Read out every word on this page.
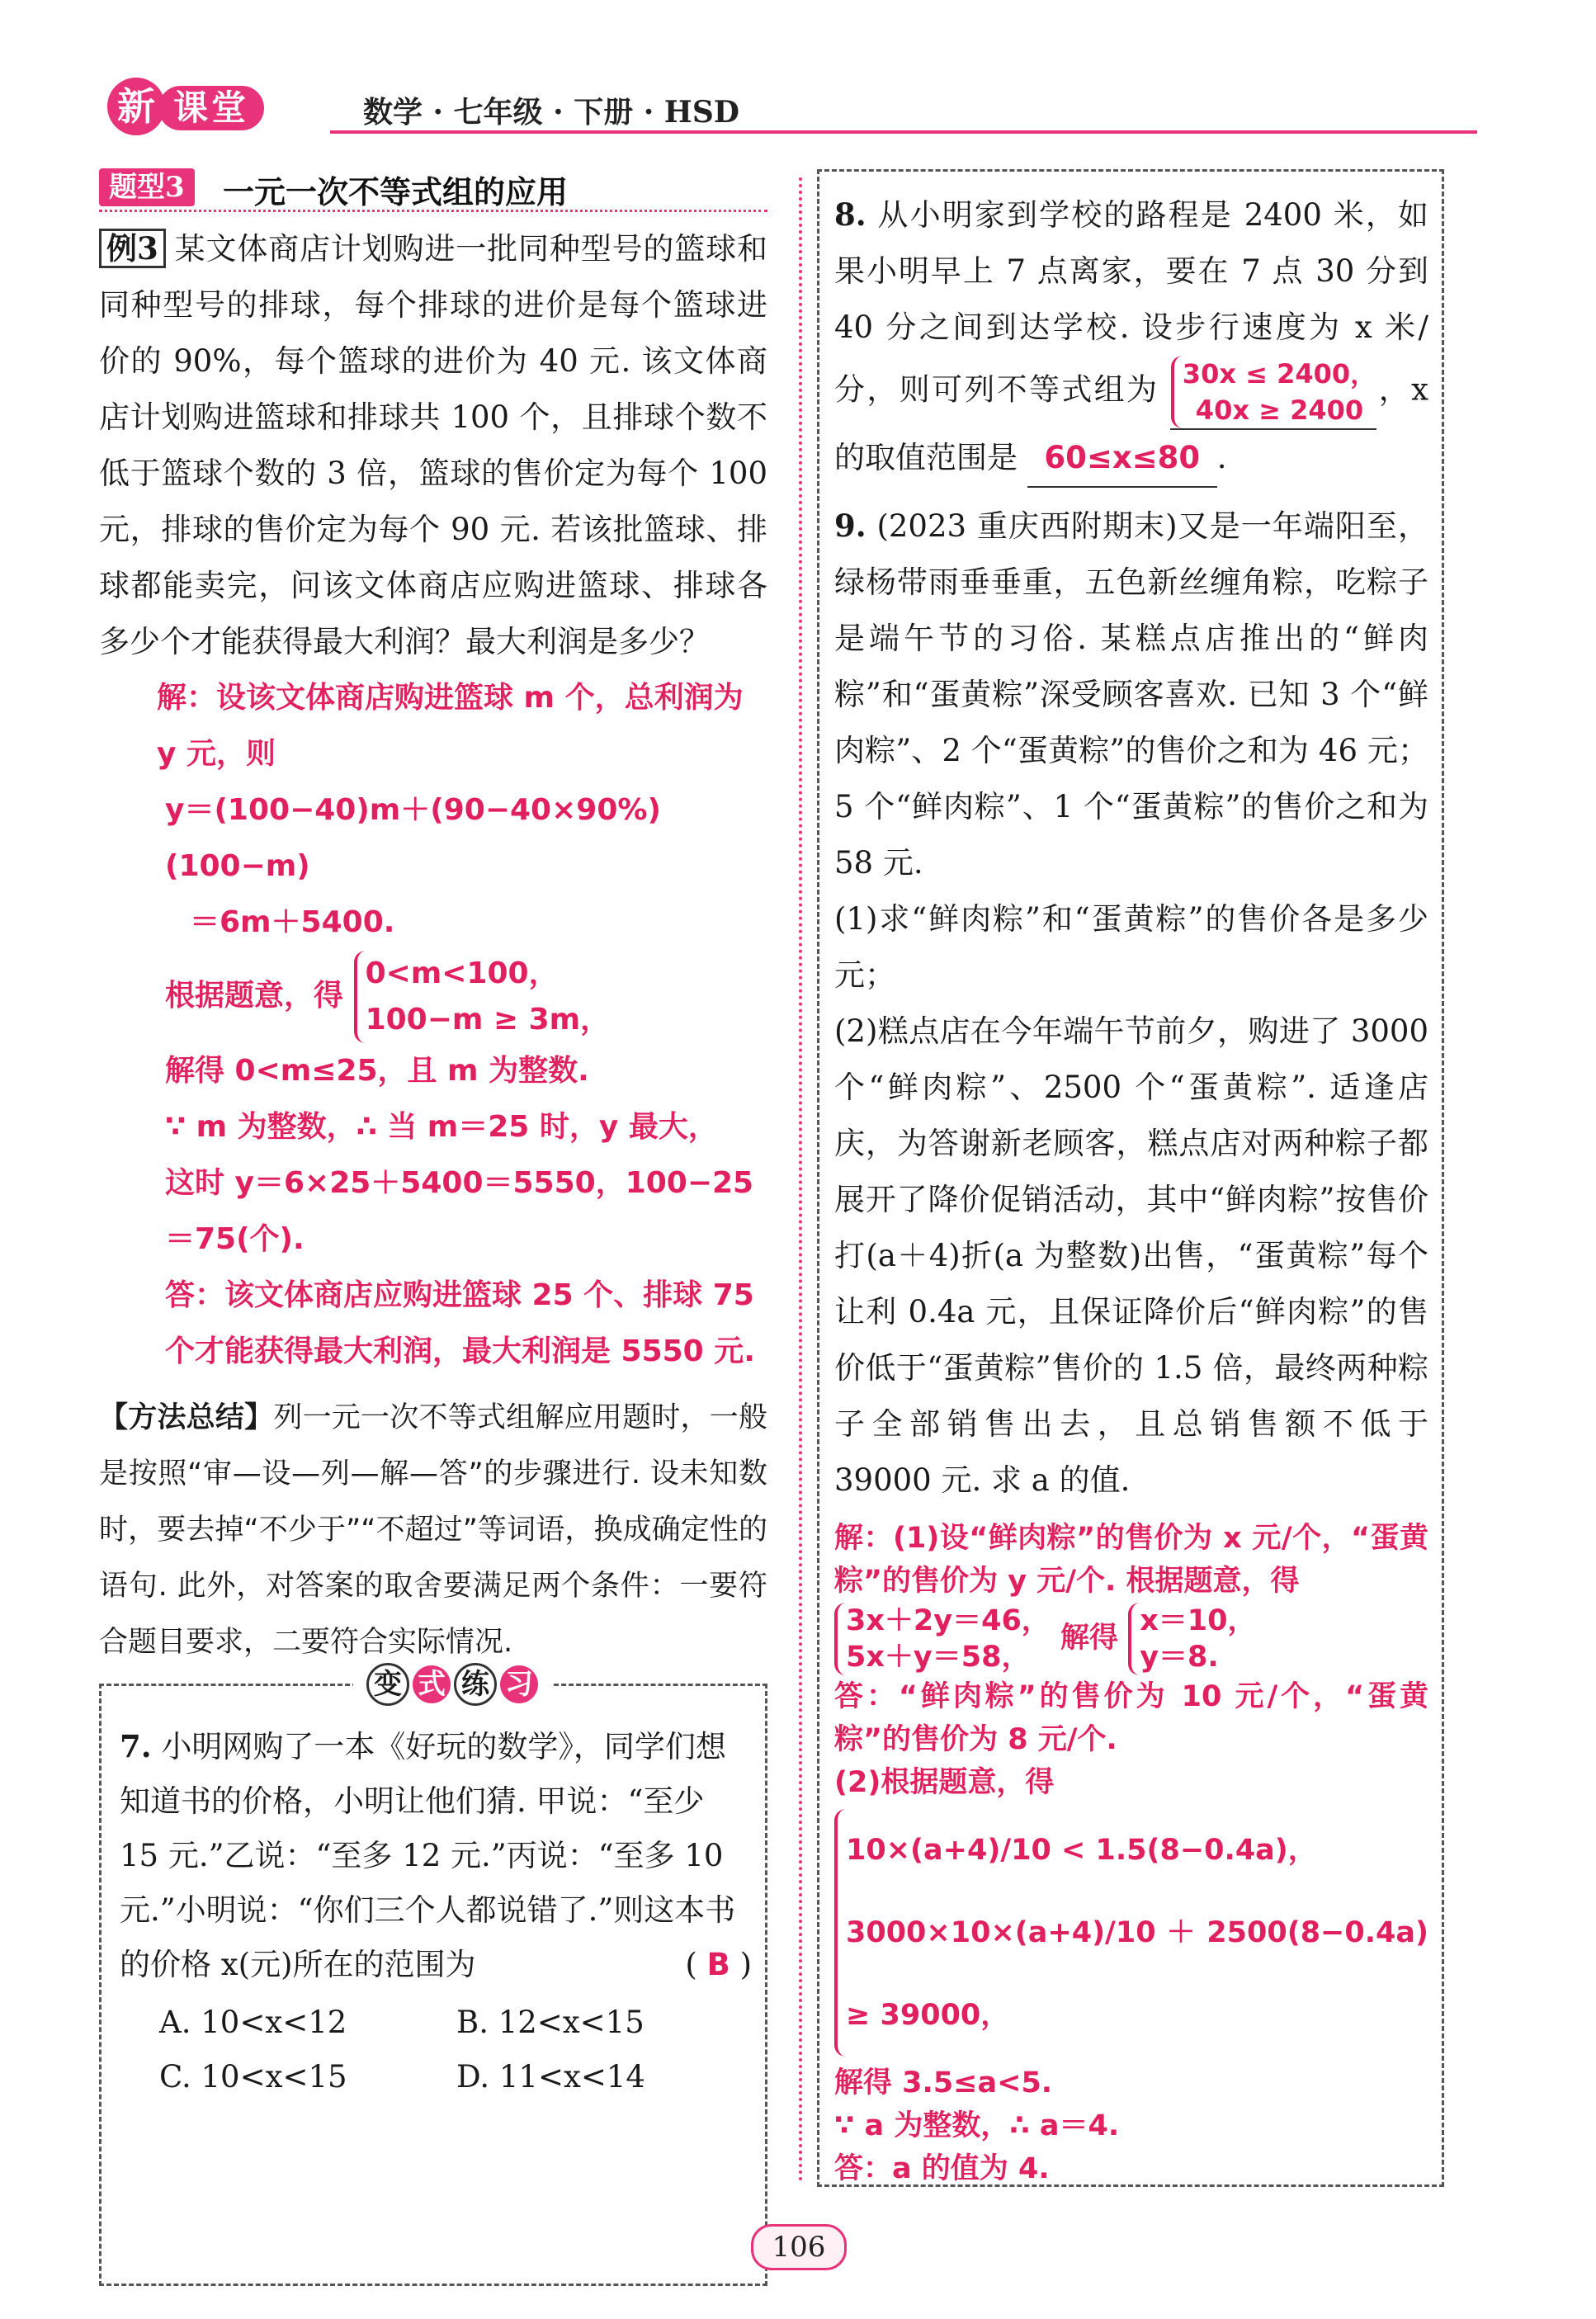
新 课堂	数学 · 七年级 · 下册 · HSD
题型3	一元一次不等式组的应用

例3 某文体商店计划购进一批同种型号的篮球和同种型号的排球，每个排球的进价是每个篮球进价的 90%，每个篮球的进价为 40 元. 该文体商店计划购进篮球和排球共 100 个，且排球个数不低于篮球个数的 3 倍，篮球的售价定为每个 100 元，排球的售价定为每个 90 元. 若该批篮球、排球都能卖完，问该文体商店应购进篮球、排球各多少个才能获得最大利润？最大利润是多少？

解：设该文体商店购进篮球 m 个，总利润为 y 元，则
y＝(100−40)m＋(90−40×90%)(100−m)
＝6m＋5400.
根据题意，得 0<m<100，
100−m ≥ 3m，
解得 0<m≤25，且 m 为整数.
∵ m 为整数，∴ 当 m＝25 时，y 最大，
这时 y＝6×25＋5400＝5550，100−25＝75(个).
答：该文体商店应购进篮球 25 个、排球 75 个才能获得最大利润，最大利润是 5550 元.
【方法总结】列一元一次不等式组解应用题时，一般是按照“审—设—列—解—答”的步骤进行. 设未知数时，要去掉“不少于”“不超过”等词语，换成确定性的语句. 此外，对答案的取舍要满足两个条件：一要符合题目要求，二要符合实际情况.
变 式 练 习
7. 小明网购了一本《好玩的数学》，同学们想知道书的价格，小明让他们猜. 甲说：“至少 15 元.”乙说：“至多 12 元.”丙说：“至多 10 元.”小明说：“你们三个人都说错了.”则这本书的价格 x(元)所在的范围为	( B )
A. 10<x<12	B. 12<x<15
C. 10<x<15	D. 11<x<14
8. 从小明家到学校的路程是 2400 米，如果小明早上 7 点离家，要在 7 点 30 分到 40 分之间到达学校. 设步行速度为 x 米/分，则可列不等式组为 30x ≤ 2400，
40x ≥ 2400，x 的取值范围是 60≤x≤80 .
9. (2023 重庆西附期末)又是一年端阳至，绿杨带雨垂垂重，五色新丝缠角粽，吃粽子是端午节的习俗. 某糕点店推出的“鲜肉粽”和“蛋黄粽”深受顾客喜欢. 已知 3 个“鲜肉粽”、2 个“蛋黄粽”的售价之和为 46 元；5 个“鲜肉粽”、1 个“蛋黄粽”的售价之和为 58 元.
(1)求“鲜肉粽”和“蛋黄粽”的售价各是多少元；
(2)糕点店在今年端午节前夕，购进了 3000 个“鲜肉粽”、2500 个“蛋黄粽”. 适逢店庆，为答谢新老顾客，糕点店对两种粽子都展开了降价促销活动，其中“鲜肉粽”按售价打(a＋4)折(a 为整数)出售，“蛋黄粽”每个让利 0.4a 元，且保证降价后“鲜肉粽”的售价低于“蛋黄粽”售价的 1.5 倍，最终两种粽子全部销售出去，且总销售额不低于 39000 元. 求 a 的值.
解：(1)设“鲜肉粽”的售价为 x 元/个，“蛋黄粽”的售价为 y 元/个. 根据题意，得
3x＋2y＝46，
5x＋y＝58， 解得 x＝10，
y＝8.
答：“鲜肉粽”的售价为 10 元/个，“蛋黄粽”的售价为 8 元/个.
(2)根据题意，得
10×(a+4)/10 < 1.5(8−0.4a)，
3000×10×(a+4)/10 ＋ 2500(8−0.4a) ≥ 39000，
解得 3.5≤a<5.
∵ a 为整数，∴ a＝4.
答：a 的值为 4.
106
